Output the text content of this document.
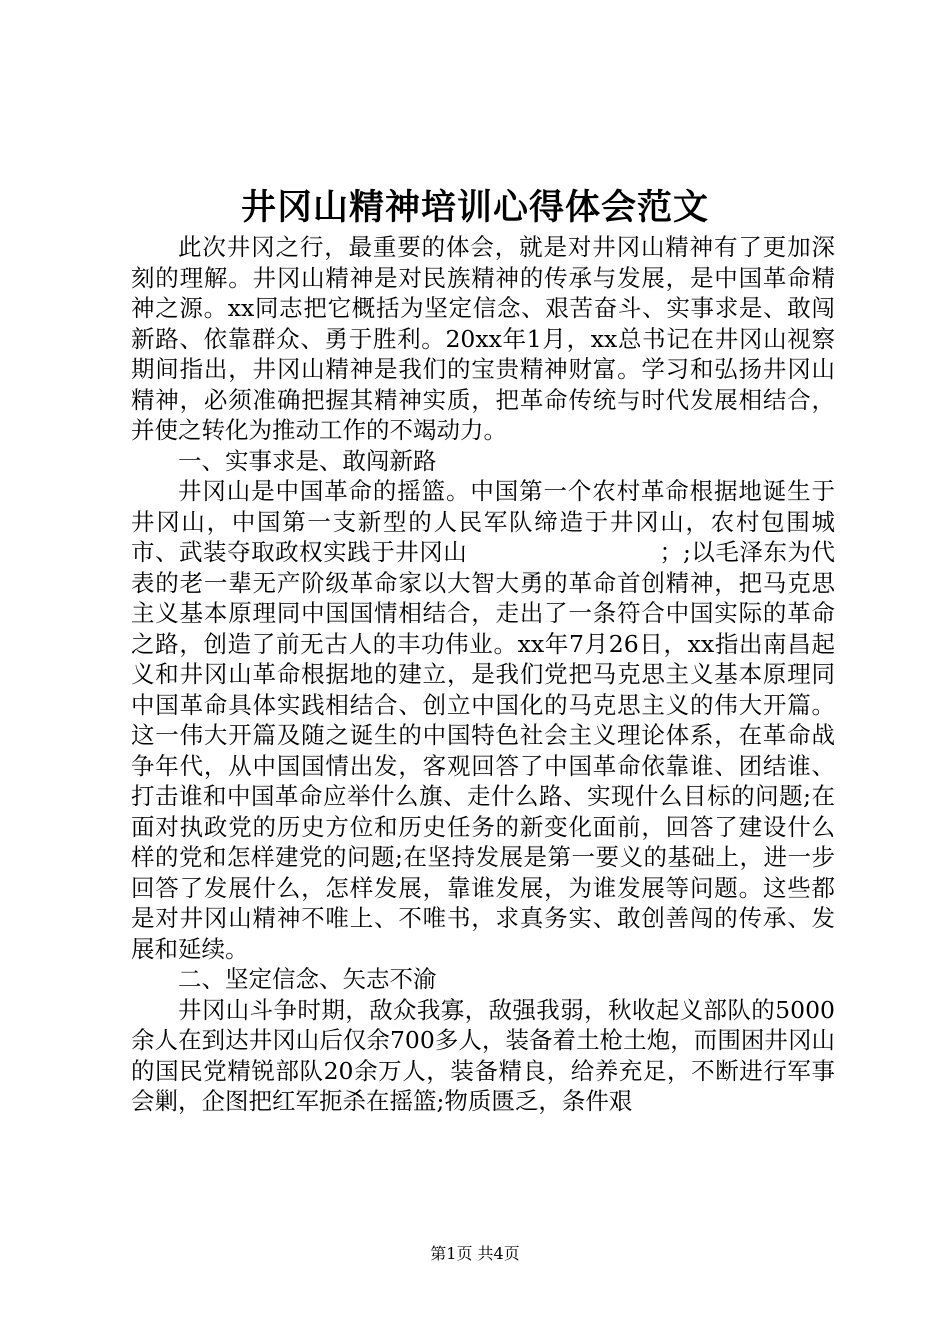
井冈山精神培训心得体会范文

此次井冈之行，最重要的体会，就是对井冈山精神有了更加深刻的理解。井冈山精神是对民族精神的传承与发展，是中国革命精神之源。xx同志把它概括为坚定信念、艰苦奋斗、实事求是、敢闯新路、依靠群众、勇于胜利。20xx年1月，xx总书记在井冈山视察期间指出，井冈山精神是我们的宝贵精神财富。学习和弘扬井冈山精神，必须准确把握其精神实质，把革命传统与时代发展相结合，并使之转化为推动工作的不竭动力。

一、实事求是、敢闯新路

井冈山是中国革命的摇篮。中国第一个农村革命根据地诞生于井冈山，中国第一支新型的人民军队缔造于井冈山，农村包围城市、武装夺取政权实践于井冈山　　　　　　　　；;以毛泽东为代表的老一辈无产阶级革命家以大智大勇的革命首创精神，把马克思主义基本原理同中国国情相结合，走出了一条符合中国实际的革命之路，创造了前无古人的丰功伟业。xx年7月26日，xx指出南昌起义和井冈山革命根据地的建立，是我们党把马克思主义基本原理同中国革命具体实践相结合、创立中国化的马克思主义的伟大开篇。这一伟大开篇及随之诞生的中国特色社会主义理论体系，在革命战争年代，从中国国情出发，客观回答了中国革命依靠谁、团结谁、打击谁和中国革命应举什么旗、走什么路、实现什么目标的问题;在面对执政党的历史方位和历史任务的新变化面前，回答了建设什么样的党和怎样建党的问题;在坚持发展是第一要义的基础上，进一步回答了发展什么，怎样发展，靠谁发展，为谁发展等问题。这些都是对井冈山精神不唯上、不唯书，求真务实、敢创善闯的传承、发展和延续。

二、坚定信念、矢志不渝

井冈山斗争时期，敌众我寡，敌强我弱，秋收起义部队的5000余人在到达井冈山后仅余700多人，装备着土枪土炮，而围困井冈山的国民党精锐部队20余万人，装备精良，给养充足，不断进行军事会剿，企图把红军扼杀在摇篮;物质匮乏，条件艰

第1页 共4页
